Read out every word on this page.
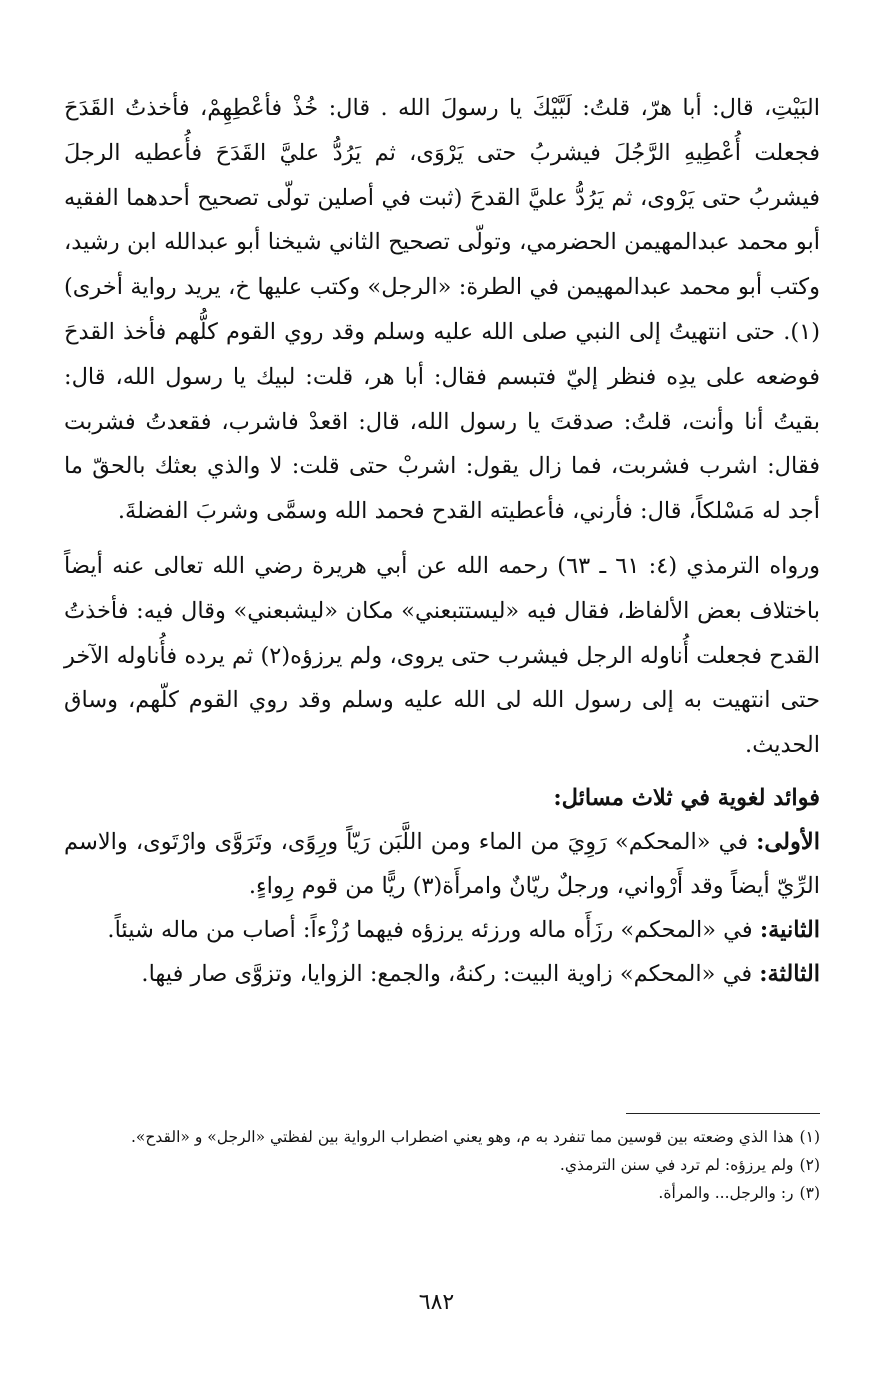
البَيْتِ، قال: أبا هرّ، قلتُ: لَبَّيْكَ يا رسولَ الله . قال: خُذْ فأعْطِهِمْ، فأخذتُ القَدَحَ فجعلت أُعْطِيهِ الرَّجُلَ فيشربُ حتى يَرْوَى، ثم يَرُدُّ عليَّ القَدَحَ فأُعطيه الرجلَ فيشربُ حتى يَرْوى، ثم يَرُدُّ عليَّ القدحَ (ثبت في أصلين تولّى تصحيح أحدهما الفقيه أبو محمد عبدالمهيمن الحضرمي، وتولّى تصحيح الثاني شيخنا أبو عبدالله ابن رشيد، وكتب أبو محمد عبدالمهيمن في الطرة: «الرجل» وكتب عليها خ، يريد رواية أخرى)(١). حتى انتهيتُ إلى النبي صلى الله عليه وسلم وقد روي القوم كلُّهم فأخذ القدحَ فوضعه على يدِه فنظر إليّ فتبسم فقال: أبا هر، قلت: لبيك يا رسول الله، قال: بقيتُ أنا وأنت، قلتُ: صدقتَ يا رسول الله، قال: اقعدْ فاشرب، فقعدتُ فشربت فقال: اشرب فشربت، فما زال يقول: اشربْ حتى قلت: لا والذي بعثك بالحقّ ما أجد له مَسْلكاً، قال: فأرني، فأعطيته القدح فحمد الله وسمَّى وشربَ الفضلةَ.

ورواه الترمذي (٤: ٦١ ـ ٦٣) رحمه الله عن أبي هريرة رضي الله تعالى عنه أيضاً باختلاف بعض الألفاظ، فقال فيه «ليستتبعني» مكان «ليشبعني» وقال فيه: فأخذتُ القدح فجعلت أُناوله الرجل فيشرب حتى يروى، ولم يرزؤه(٢) ثم يرده فأُناوله الآخر حتى انتهيت به إلى رسول الله لى الله عليه وسلم وقد روي القوم كلّهم، وساق الحديث.

فوائد لغوية في ثلاث مسائل:

الأولى: في «المحكم» رَوِيَ من الماء ومن اللَّبَن رَيّاً ورِوًى، وتَرَوَّى وارْتَوى، والاسم الرِّيّ أيضاً وقد أَرْواني، ورجلٌ ريّانٌ وامرأَة(٣) ريًّا من قوم رِواءٍ.

الثانية: في «المحكم» رزَأَه ماله ورزئه يرزؤه فيهما رُزْءاً: أصاب من ماله شيئاً.

الثالثة: في «المحكم» زاوية البيت: ركنهُ، والجمع: الزوايا، وتزوَّى صار فيها.

(١)هذا الذي وضعته بين قوسين مما تنفرد به م، وهو يعني اضطراب الرواية بين لفظتي «الرجل» و «القدح».

(٢)ولم يرزؤه: لم ترد في سنن الترمذي.

(٣)ر: والرجل... والمرأة.

٦٨٢
